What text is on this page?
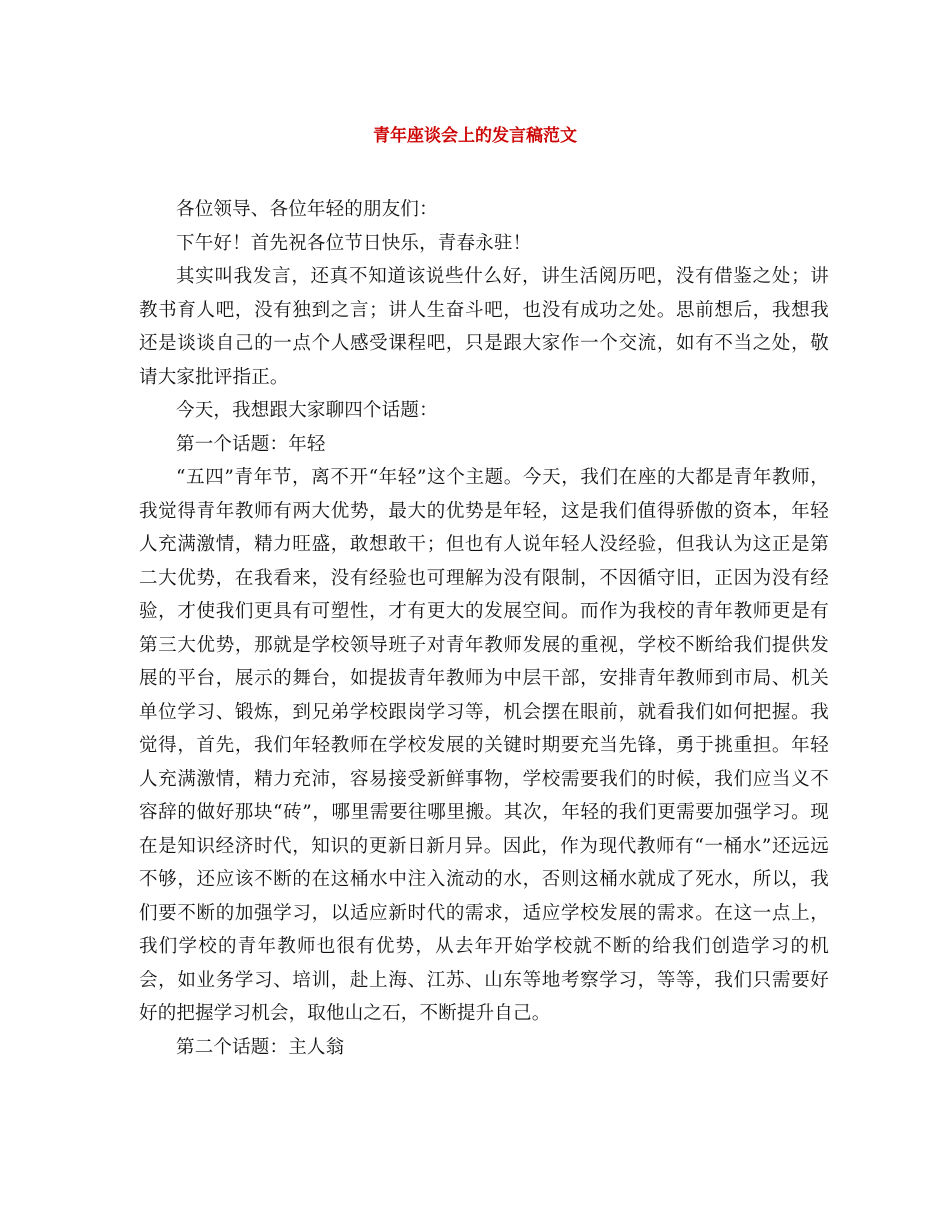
青年座谈会上的发言稿范文

各位领导、各位年轻的朋友们：

下午好！首先祝各位节日快乐，青春永驻！

其实叫我发言，还真不知道该说些什么好，讲生活阅历吧，没有借鉴之处；讲教书育人吧，没有独到之言；讲人生奋斗吧，也没有成功之处。思前想后，我想我还是谈谈自己的一点个人感受课程吧，只是跟大家作一个交流，如有不当之处，敬请大家批评指正。

今天，我想跟大家聊四个话题：

第一个话题：年轻

“五四”青年节，离不开“年轻”这个主题。今天，我们在座的大都是青年教师，我觉得青年教师有两大优势，最大的优势是年轻，这是我们值得骄傲的资本，年轻人充满激情，精力旺盛，敢想敢干；但也有人说年轻人没经验，但我认为这正是第二大优势，在我看来，没有经验也可理解为没有限制，不因循守旧，正因为没有经验，才使我们更具有可塑性，才有更大的发展空间。而作为我校的青年教师更是有第三大优势，那就是学校领导班子对青年教师发展的重视，学校不断给我们提供发展的平台，展示的舞台，如提拔青年教师为中层干部，安排青年教师到市局、机关单位学习、锻炼，到兄弟学校跟岗学习等，机会摆在眼前，就看我们如何把握。我觉得，首先，我们年轻教师在学校发展的关键时期要充当先锋，勇于挑重担。年轻人充满激情，精力充沛，容易接受新鲜事物，学校需要我们的时候，我们应当义不容辞的做好那块“砖”，哪里需要往哪里搬。其次，年轻的我们更需要加强学习。现在是知识经济时代，知识的更新日新月异。因此，作为现代教师有“一桶水”还远远不够，还应该不断的在这桶水中注入流动的水，否则这桶水就成了死水，所以，我们要不断的加强学习，以适应新时代的需求，适应学校发展的需求。在这一点上，我们学校的青年教师也很有优势，从去年开始学校就不断的给我们创造学习的机会，如业务学习、培训，赴上海、江苏、山东等地考察学习，等等，我们只需要好好的把握学习机会，取他山之石，不断提升自己。

第二个话题：主人翁
